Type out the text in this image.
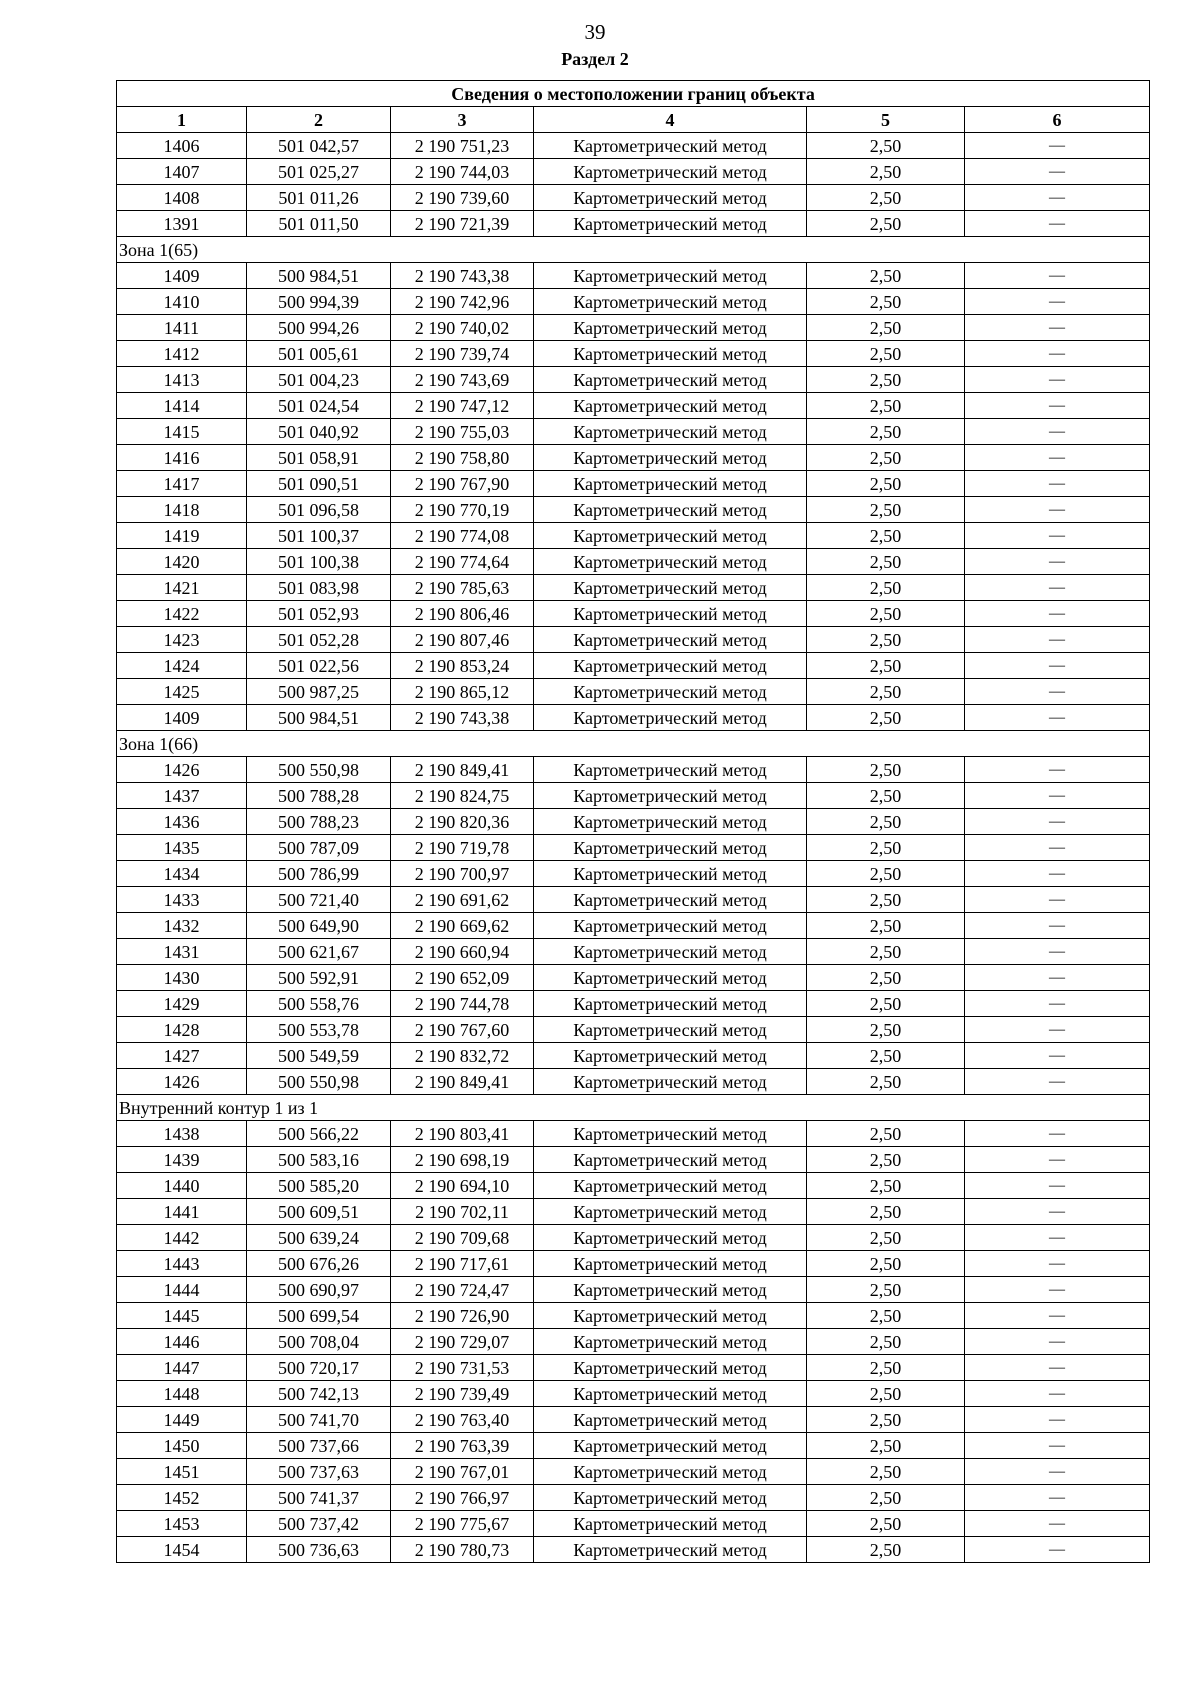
39
Раздел 2
Сведения о местоположении границ объекта					
1	2	3	4	5	6
1406	501 042,57	2 190 751,23	Картометрический метод	2,50	—
1407	501 025,27	2 190 744,03	Картометрический метод	2,50	—
1408	501 011,26	2 190 739,60	Картометрический метод	2,50	—
1391	501 011,50	2 190 721,39	Картометрический метод	2,50	—
Зона 1(65)					
1409	500 984,51	2 190 743,38	Картометрический метод	2,50	—
1410	500 994,39	2 190 742,96	Картометрический метод	2,50	—
1411	500 994,26	2 190 740,02	Картометрический метод	2,50	—
1412	501 005,61	2 190 739,74	Картометрический метод	2,50	—
1413	501 004,23	2 190 743,69	Картометрический метод	2,50	—
1414	501 024,54	2 190 747,12	Картометрический метод	2,50	—
1415	501 040,92	2 190 755,03	Картометрический метод	2,50	—
1416	501 058,91	2 190 758,80	Картометрический метод	2,50	—
1417	501 090,51	2 190 767,90	Картометрический метод	2,50	—
1418	501 096,58	2 190 770,19	Картометрический метод	2,50	—
1419	501 100,37	2 190 774,08	Картометрический метод	2,50	—
1420	501 100,38	2 190 774,64	Картометрический метод	2,50	—
1421	501 083,98	2 190 785,63	Картометрический метод	2,50	—
1422	501 052,93	2 190 806,46	Картометрический метод	2,50	—
1423	501 052,28	2 190 807,46	Картометрический метод	2,50	—
1424	501 022,56	2 190 853,24	Картометрический метод	2,50	—
1425	500 987,25	2 190 865,12	Картометрический метод	2,50	—
1409	500 984,51	2 190 743,38	Картометрический метод	2,50	—
Зона 1(66)					
1426	500 550,98	2 190 849,41	Картометрический метод	2,50	—
1437	500 788,28	2 190 824,75	Картометрический метод	2,50	—
1436	500 788,23	2 190 820,36	Картометрический метод	2,50	—
1435	500 787,09	2 190 719,78	Картометрический метод	2,50	—
1434	500 786,99	2 190 700,97	Картометрический метод	2,50	—
1433	500 721,40	2 190 691,62	Картометрический метод	2,50	—
1432	500 649,90	2 190 669,62	Картометрический метод	2,50	—
1431	500 621,67	2 190 660,94	Картометрический метод	2,50	—
1430	500 592,91	2 190 652,09	Картометрический метод	2,50	—
1429	500 558,76	2 190 744,78	Картометрический метод	2,50	—
1428	500 553,78	2 190 767,60	Картометрический метод	2,50	—
1427	500 549,59	2 190 832,72	Картометрический метод	2,50	—
1426	500 550,98	2 190 849,41	Картометрический метод	2,50	—
Внутренний контур 1 из 1					
1438	500 566,22	2 190 803,41	Картометрический метод	2,50	—
1439	500 583,16	2 190 698,19	Картометрический метод	2,50	—
1440	500 585,20	2 190 694,10	Картометрический метод	2,50	—
1441	500 609,51	2 190 702,11	Картометрический метод	2,50	—
1442	500 639,24	2 190 709,68	Картометрический метод	2,50	—
1443	500 676,26	2 190 717,61	Картометрический метод	2,50	—
1444	500 690,97	2 190 724,47	Картометрический метод	2,50	—
1445	500 699,54	2 190 726,90	Картометрический метод	2,50	—
1446	500 708,04	2 190 729,07	Картометрический метод	2,50	—
1447	500 720,17	2 190 731,53	Картометрический метод	2,50	—
1448	500 742,13	2 190 739,49	Картометрический метод	2,50	—
1449	500 741,70	2 190 763,40	Картометрический метод	2,50	—
1450	500 737,66	2 190 763,39	Картометрический метод	2,50	—
1451	500 737,63	2 190 767,01	Картометрический метод	2,50	—
1452	500 741,37	2 190 766,97	Картометрический метод	2,50	—
1453	500 737,42	2 190 775,67	Картометрический метод	2,50	—
1454	500 736,63	2 190 780,73	Картометрический метод	2,50	—
